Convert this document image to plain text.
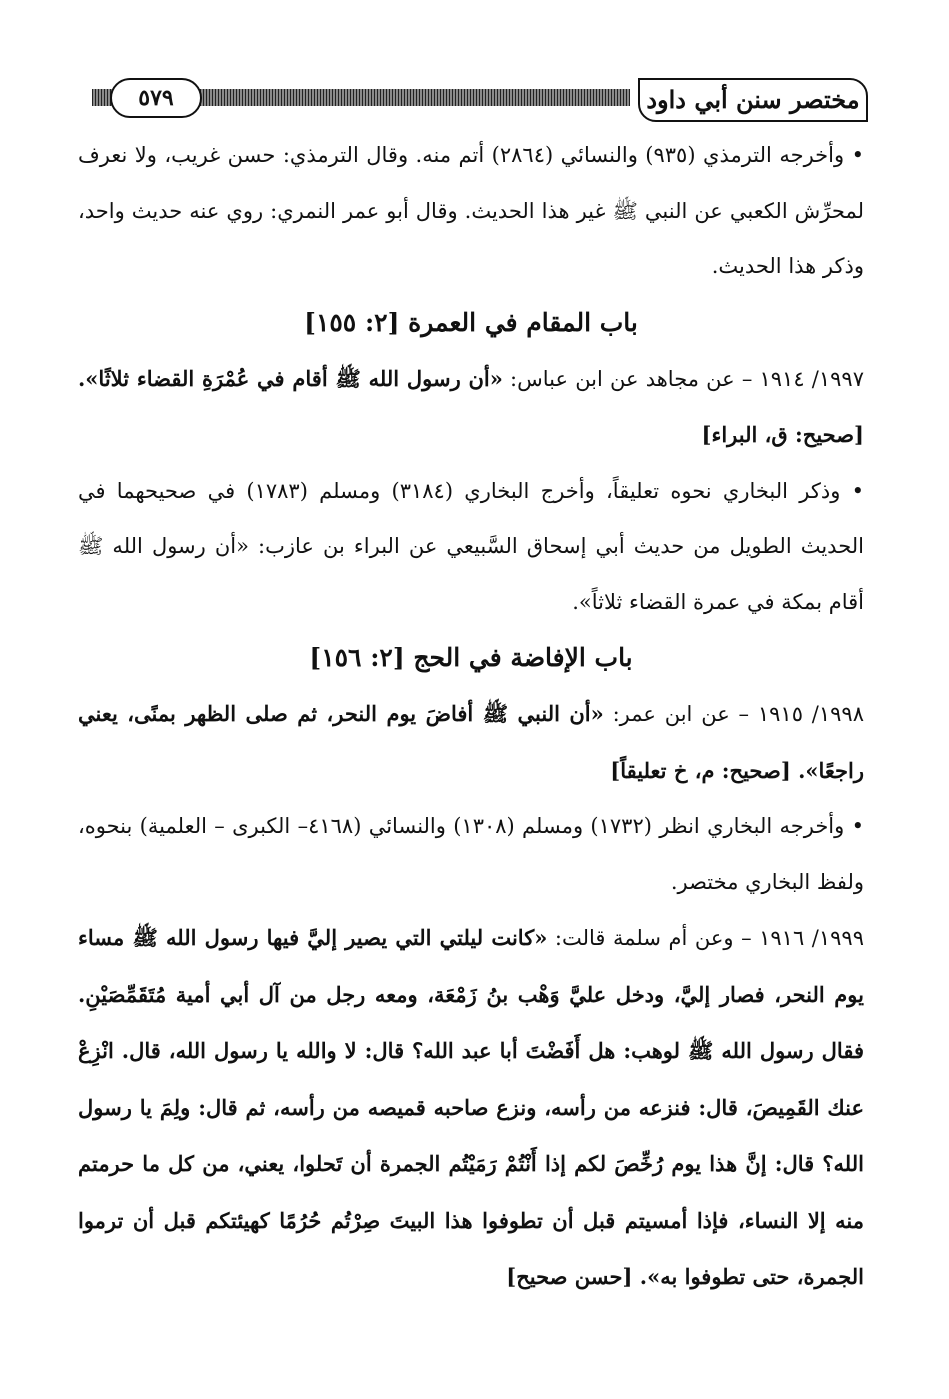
٥٧٩	مختصر سنن أبي داود

• وأخرجه الترمذي (٩٣٥) والنسائي (٢٨٦٤) أتم منه. وقال الترمذي: حسن غريب، ولا نعرف لمحرِّش الكعبي عن النبي ﷺ غير هذا الحديث. وقال أبو عمر النمري: روي عنه حديث واحد، وذكر هذا الحديث.

باب المقام في العمرة [٢: ١٥٥]

١٩٩٧/ ١٩١٤ – عن مجاهد عن ابن عباس: «أن رسول الله ﷺ أقام في عُمْرَةِ القضاء ثلاثًا». [صحيح: ق، البراء]

• وذكر البخاري نحوه تعليقاً، وأخرج البخاري (٣١٨٤) ومسلم (١٧٨٣) في صحيحهما في الحديث الطويل من حديث أبي إسحاق السَّبيعي عن البراء بن عازب: «أن رسول الله ﷺ أقام بمكة في عمرة القضاء ثلاثاً».

باب الإفاضة في الحج [٢: ١٥٦]

١٩٩٨/ ١٩١٥ – عن ابن عمر: «أن النبي ﷺ أفاضَ يوم النحر، ثم صلى الظهر بمنًى، يعني راجعًا». [صحيح: م، خ تعليقاً]

• وأخرجه البخاري انظر (١٧٣٢) ومسلم (١٣٠٨) والنسائي (٤١٦٨– الكبرى – العلمية) بنحوه، ولفظ البخاري مختصر.

١٩٩٩/ ١٩١٦ – وعن أم سلمة قالت: «كانت ليلتي التي يصير إليَّ فيها رسول الله ﷺ مساء يوم النحر، فصار إليَّ، ودخل عليَّ وَهْب بنُ زَمْعَة، ومعه رجل من آل أبي أمية مُتَقَمِّصَيْنِ. فقال رسول الله ﷺ لوهب: هل أَفَضْتَ أبا عبد الله؟ قال: لا والله يا رسول الله، قال. انْزِعْ عنك القَمِيصَ، قال: فنزعه من رأسه، ونزع صاحبه قميصه من رأسه، ثم قال: ولِمَ يا رسول الله؟ قال: إنَّ هذا يوم رُخِّصَ لكم إذا أَنْتُمْ رَمَيْتُم الجمرة أن تَحلوا، يعني، من كل ما حرمتم منه إلا النساء، فإذا أمسيتم قبل أن تطوفوا هذا البيتَ صِرْتُم حُرُمًا كهيئتكم قبل أن ترموا الجمرة، حتى تطوفوا به». [حسن صحيح]
